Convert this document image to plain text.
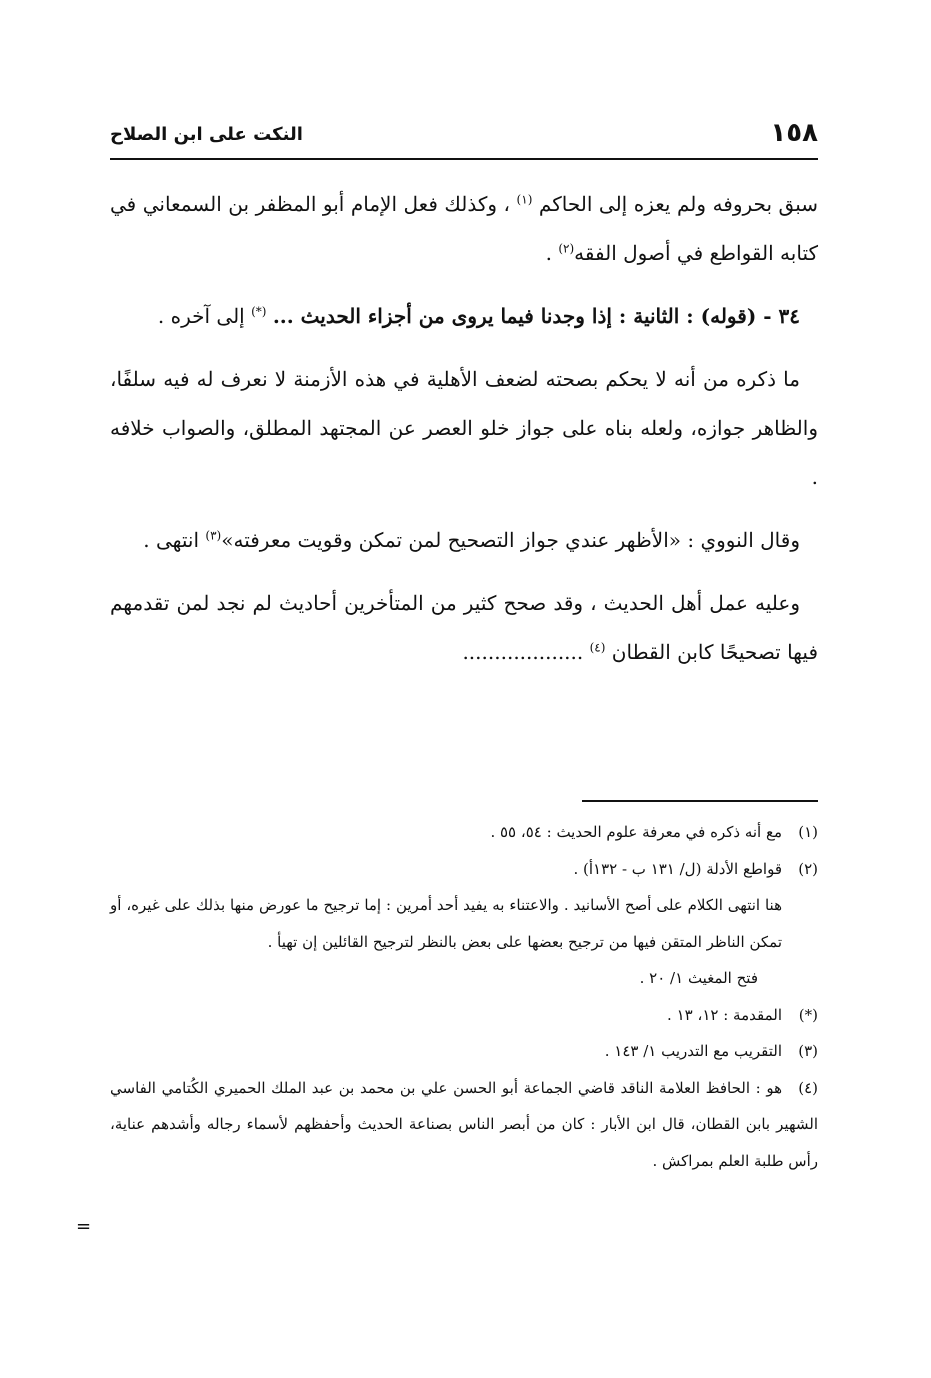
١٥٨
النكت على ابن الصلاح

سبق بحروفه ولم يعزه إلى الحاكم $^{(١)}$ ، وكذلك فعل الإمام أبو المظفر بن السمعاني في كتابه القواطع في أصول الفقه$^{(٢)}$ .

٣٤ - (قوله) : الثانية : إذا وجدنا فيما يروى من أجزاء الحديث ... (*) إلى آخره .

ما ذكره من أنه لا يحكم بصحته لضعف الأهلية في هذه الأزمنة لا نعرف له فيه سلفًا، والظاهر جوازه، ولعله بناه على جواز خلو العصر عن المجتهد المطلق، والصواب خلافه .

وقال النووي : «الأظهر عندي جواز التصحيح لمن تمكن وقويت معرفته»$^{(٣)}$ انتهى .

وعليه عمل أهل الحديث ، وقد صحح كثير من المتأخرين أحاديث لم نجد لمن تقدمهم فيها تصحيحًا كابن القطان $^{(٤)}$ ...................

(١)مع أنه ذكره في معرفة علوم الحديث : ٥٤، ٥٥ .

(٢)قواطع الأدلة (ل/ ١٣١ ب - ١٣٢أ) .

هنا انتهى الكلام على أصح الأسانيد . والاعتناء به يفيد أحد أمرين : إما ترجيح ما عورض منها بذلك على غيره، أو تمكن الناظر المتقن فيها من ترجيح بعضها على بعض بالنظر لترجيح القائلين إن تهيأ .

فتح المغيث ١/ ٢٠ .

(*)المقدمة : ١٢، ١٣ .

(٣)التقريب مع التدريب ١/ ١٤٣ .

(٤)هو : الحافظ العلامة الناقد قاضي الجماعة أبو الحسن علي بن محمد بن عبد الملك الحميري الكُتامي الفاسي الشهير بابن القطان، قال ابن الأبار : كان من أبصر الناس بصناعة الحديث وأحفظهم لأسماء رجاله وأشدهم عناية، رأس طلبة العلم بمراكش .

=
